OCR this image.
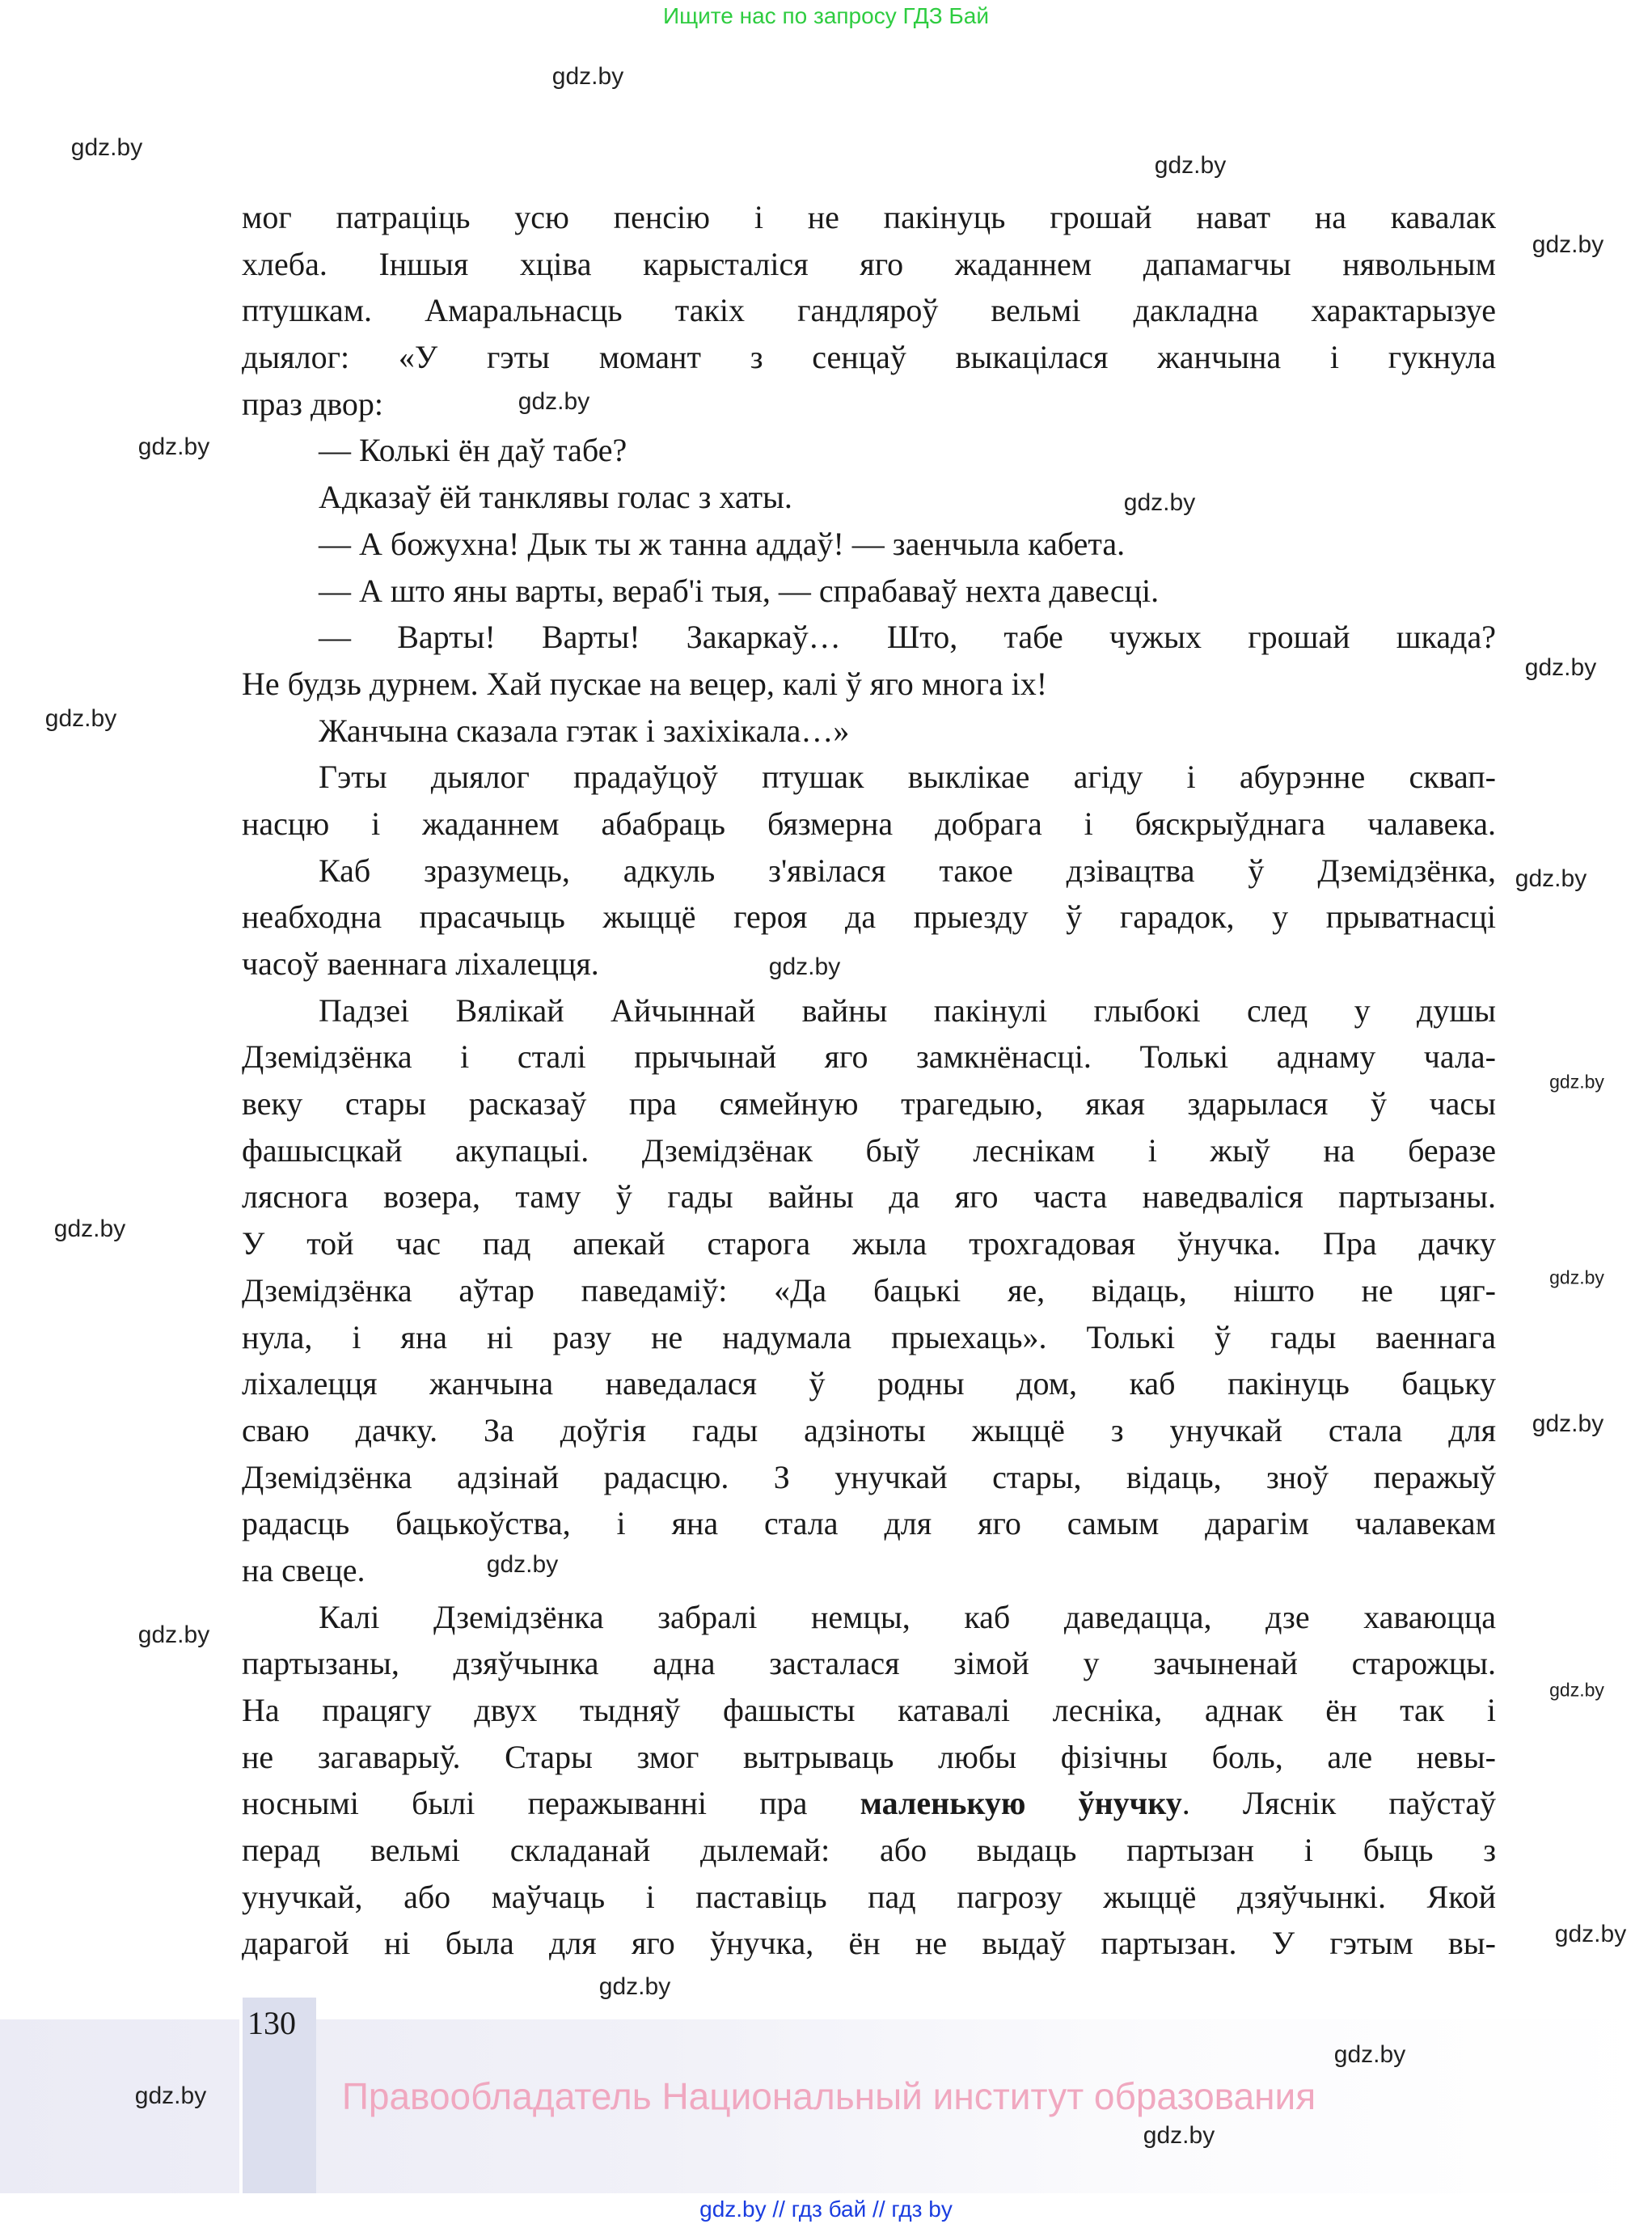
Ищите нас по запросу ГДЗ Бай
130
Правообладатель Национальный институт образования
мог патраціць усю пенсію і не пакінуць грошай нават на кавалак
хлеба. Іншыя хціва карысталіся яго жаданнем дапамагчы нявольным
птушкам. Амаральнасць такіх гандляроў вельмі дакладна характарызуе
дыялог: «У гэты момант з сенцаў выкацілася жанчына і гукнула
праз двор:
— Колькі ён даў табе?
Адказаў ёй танклявы голас з хаты.
— А божухна! Дык ты ж танна аддаў! — заенчыла кабета.
— А што яны варты, вераб'і тыя, — спрабаваў нехта давесці.
— Варты! Варты! Закаркаў… Што, табе чужых грошай шкада?
Не будзь дурнем. Хай пускае на вецер, калі ў яго многа іх!
Жанчына сказала гэтак і захіхікала…»
Гэты дыялог прадаўцоў птушак выклікае агіду і абурэнне сквап-
насцю і жаданнем абабраць бязмерна добрага і бяскрыўднага чалавека.
Каб зразумець, адкуль з'явілася такое дзівацтва ў Дземідзёнка,
неабходна прасачыць жыццё героя да прыезду ў гарадок, у прыватнасці
часоў ваеннага ліхалецця.
Падзеі Вялікай Айчыннай вайны пакінулі глыбокі след у душы
Дземідзёнка і сталі прычынай яго замкнёнасці. Толькі аднаму чала-
веку стары расказаў пра сямейную трагедыю, якая здарылася ў часы
фашысцкай акупацыі. Дземідзёнак быў леснікам і жыў на беразе
ляснога возера, таму ў гады вайны да яго часта наведваліся партызаны.
У той час пад апекай старога жыла трохгадовая ўнучка. Пра дачку
Дземідзёнка аўтар паведаміў: «Да бацькі яе, відаць, нішто не цяг-
нула, і яна ні разу не надумала прыехаць». Толькі ў гады ваеннага
ліхалецця жанчына наведалася ў родны дом, каб пакінуць бацьку
сваю дачку. За доўгія гады адзіноты жыццё з унучкай стала для
Дземідзёнка адзінай радасцю. З унучкай стары, відаць, зноў перажыў
радасць бацькоўства, і яна стала для яго самым дарагім чалавекам
на свеце.
Калі Дземідзёнка забралі немцы, каб даведацца, дзе хаваюцца
партызаны, дзяўчынка адна засталася зімой у зачыненай старожцы.
На працягу двух тыдняў фашысты катавалі лесніка, аднак ён так і
не загаварыў. Стары змог вытрываць любы фізічны боль, але невы-
носнымі былі перажыванні пра маленькую ўнучку. Ляснік паўстаў
перад вельмі складанай дылемай: або выдаць партызан і быць з
унучкай, або маўчаць і паставіць пад пагрозу жыццё дзяўчынкі. Якой
дарагой ні была для яго ўнучка, ён не выдаў партызан. У гэтым вы-
gdz.by
gdz.by
gdz.by
gdz.by
gdz.by
gdz.by
gdz.by
gdz.by
gdz.by
gdz.by
gdz.by
gdz.by
gdz.by
gdz.by
gdz.by
gdz.by
gdz.by
gdz.by
gdz.by
gdz.by
gdz.by
gdz.by
gdz.by
gdz.by // гдз бай // гдз by
